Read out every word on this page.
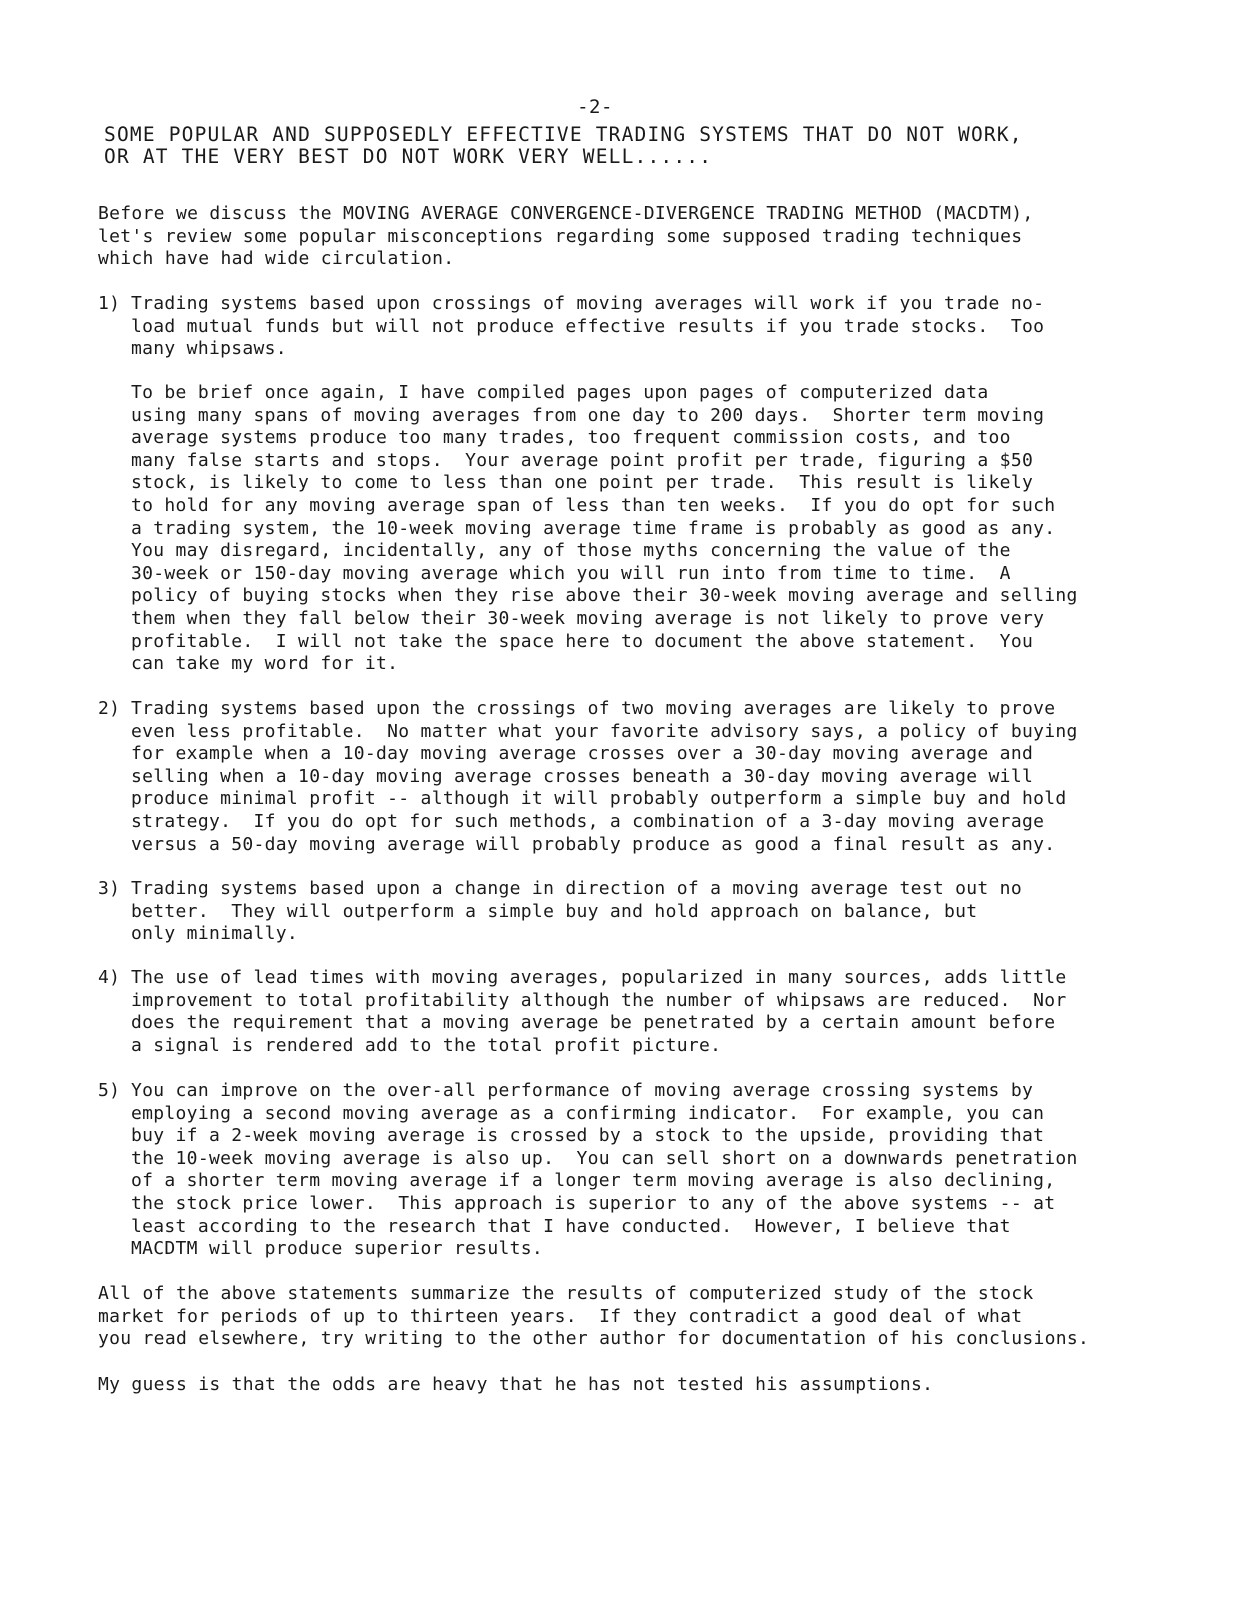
-2-
SOME POPULAR AND SUPPOSEDLY EFFECTIVE TRADING SYSTEMS THAT DO NOT WORK,
OR AT THE VERY BEST DO NOT WORK VERY WELL......
Before we discuss the MOVING AVERAGE CONVERGENCE-DIVERGENCE TRADING METHOD (MACDTM),
let's review some popular misconceptions regarding some supposed trading techniques
which have had wide circulation.

1)

Trading systems based upon crossings of moving averages will work if you trade no-
load mutual funds but will not produce effective results if you trade stocks.  Too
many whipsaws.

To be brief once again, I have compiled pages upon pages of computerized data
using many spans of moving averages from one day to 200 days.  Shorter term moving
average systems produce too many trades, too frequent commission costs, and too
many false starts and stops.  Your average point profit per trade, figuring a $50
stock, is likely to come to less than one point per trade.  This result is likely
to hold for any moving average span of less than ten weeks.  If you do opt for such
a trading system, the 10-week moving average time frame is probably as good as any.
You may disregard, incidentally, any of those myths concerning the value of the
30-week or 150-day moving average which you will run into from time to time.  A
policy of buying stocks when they rise above their 30-week moving average and selling
them when they fall below their 30-week moving average is not likely to prove very
profitable.  I will not take the space here to document the above statement.  You
can take my word for it.

2)

Trading systems based upon the crossings of two moving averages are likely to prove
even less profitable.  No matter what your favorite advisory says, a policy of buying
for example when a 10-day moving average crosses over a 30-day moving average and
selling when a 10-day moving average crosses beneath a 30-day moving average will
produce minimal profit -- although it will probably outperform a simple buy and hold
strategy.  If you do opt for such methods, a combination of a 3-day moving average
versus a 50-day moving average will probably produce as good a final result as any.

3)

Trading systems based upon a change in direction of a moving average test out no
better.  They will outperform a simple buy and hold approach on balance, but
only minimally.

4)

The use of lead times with moving averages, popularized in many sources, adds little
improvement to total profitability although the number of whipsaws are reduced.  Nor
does the requirement that a moving average be penetrated by a certain amount before
a signal is rendered add to the total profit picture.

5)

You can improve on the over-all performance of moving average crossing systems by
employing a second moving average as a confirming indicator.  For example, you can
buy if a 2-week moving average is crossed by a stock to the upside, providing that
the 10-week moving average is also up.  You can sell short on a downwards penetration
of a shorter term moving average if a longer term moving average is also declining,
the stock price lower.  This approach is superior to any of the above systems -- at
least according to the research that I have conducted.  However, I believe that
MACDTM will produce superior results.

All of the above statements summarize the results of computerized study of the stock
market for periods of up to thirteen years.  If they contradict a good deal of what
you read elsewhere, try writing to the other author for documentation of his conclusions.
My guess is that the odds are heavy that he has not tested his assumptions.
